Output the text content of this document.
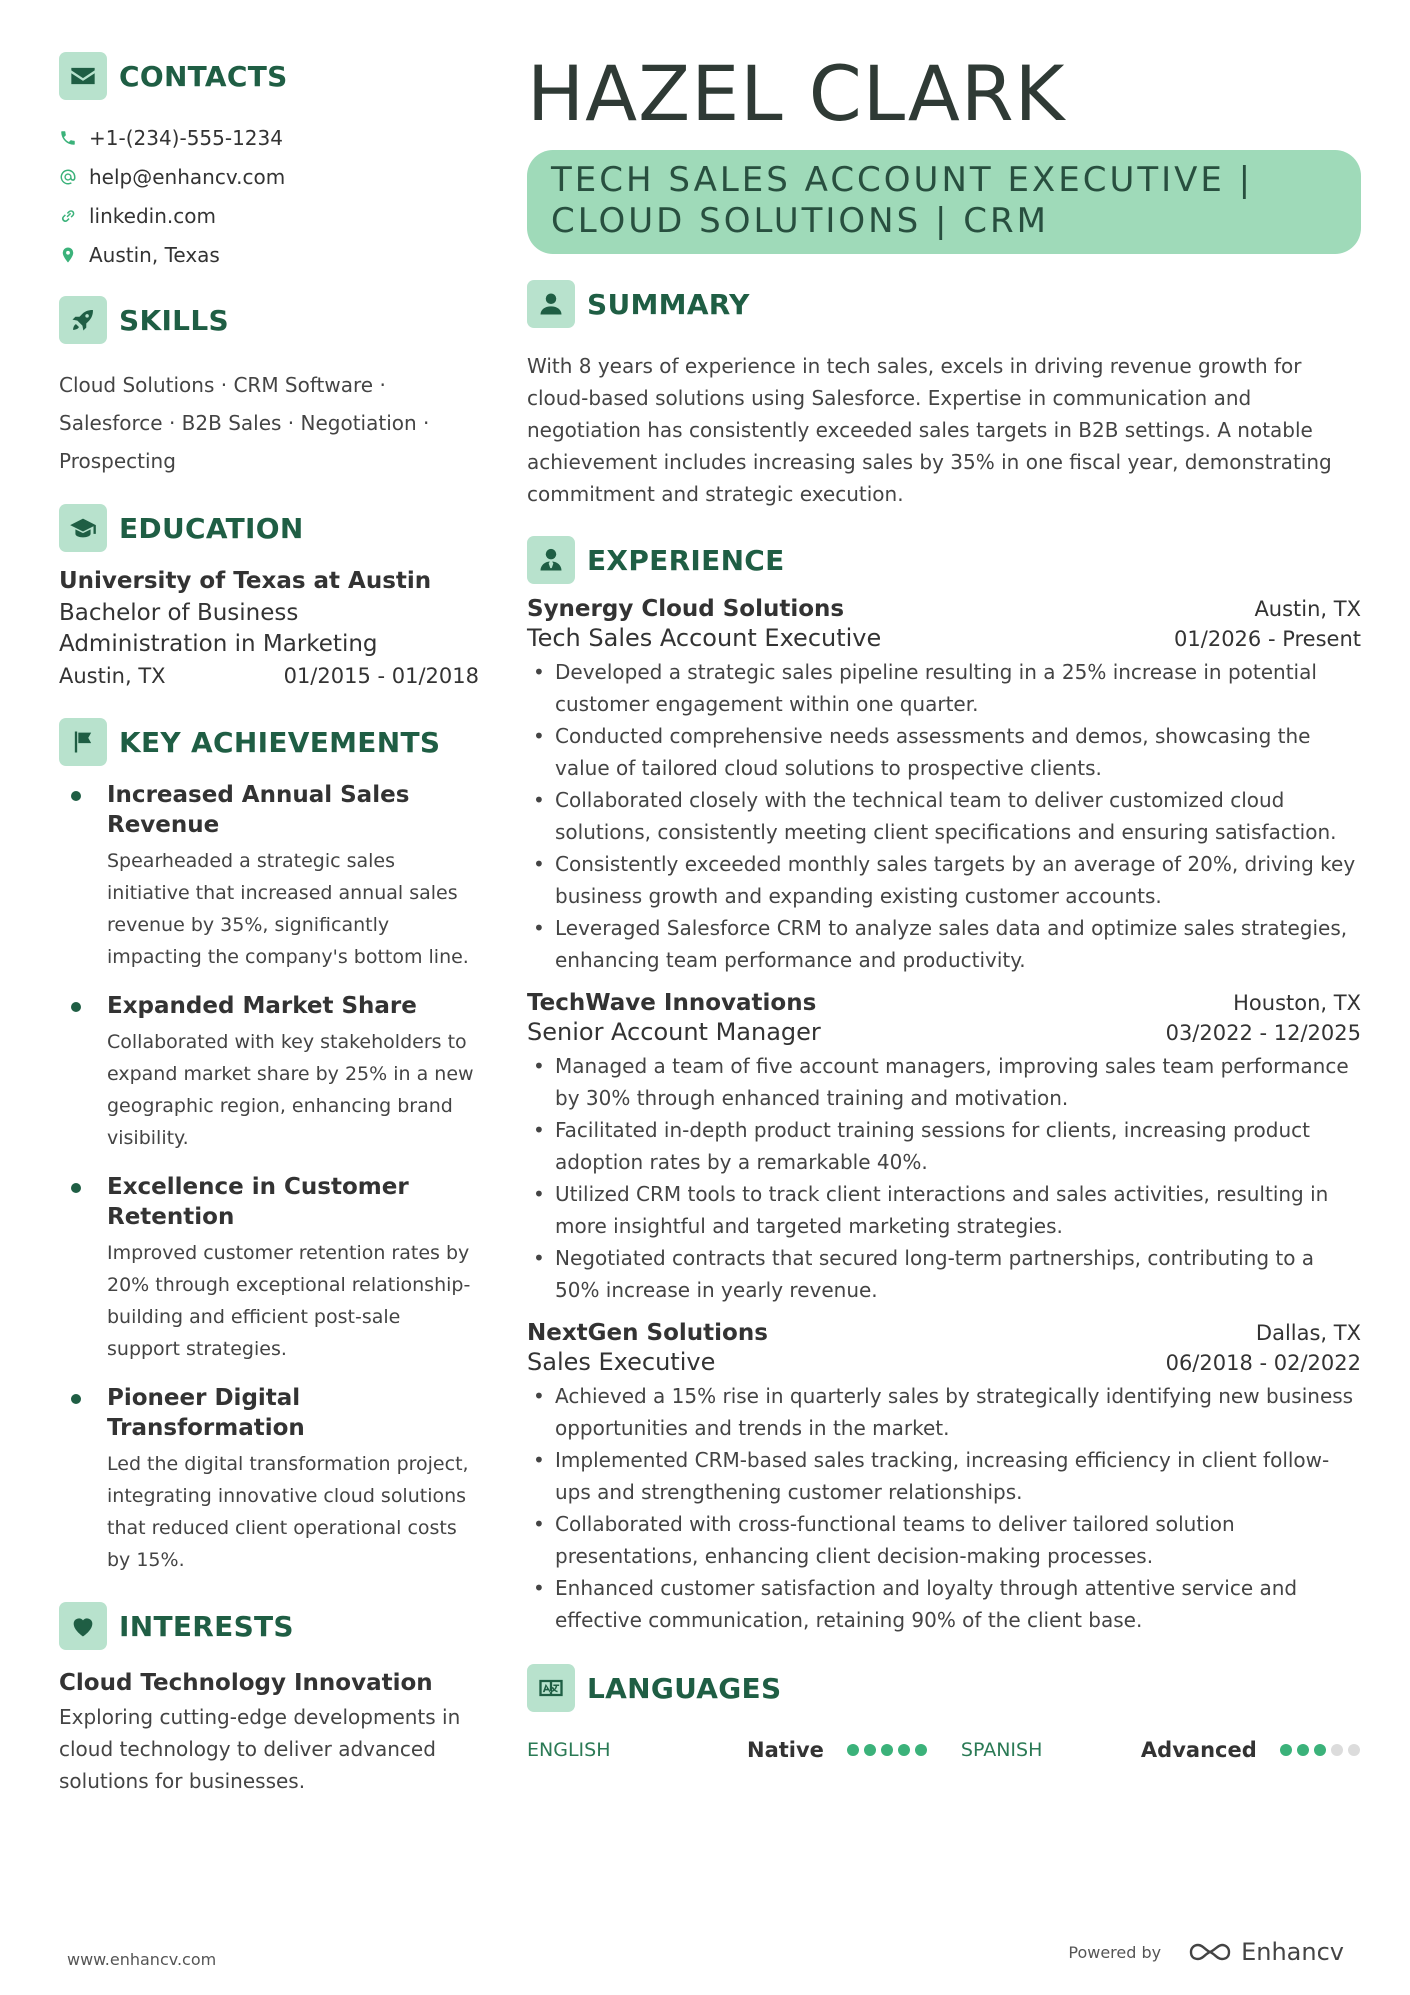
CONTACTS
+1-(234)-555-1234
help@enhancv.com
linkedin.com
Austin, Texas
SKILLS
Cloud Solutions · CRM Software ·
Salesforce · B2B Sales · Negotiation ·
Prospecting
EDUCATION
University of Texas at Austin
Bachelor of Business
Administration in Marketing
Austin, TX	01/2015 - 01/2018
KEY ACHIEVEMENTS
Increased Annual Sales Revenue
Spearheaded a strategic sales initiative that increased annual sales revenue by 35%, significantly impacting the company's bottom line.
Expanded Market Share
Collaborated with key stakeholders to expand market share by 25% in a new geographic region, enhancing brand visibility.
Excellence in Customer Retention
Improved customer retention rates by 20% through exceptional relationship-building and efficient post-sale support strategies.
Pioneer Digital Transformation
Led the digital transformation project, integrating innovative cloud solutions that reduced client operational costs by 15%.
INTERESTS
Cloud Technology Innovation
Exploring cutting-edge developments in cloud technology to deliver advanced solutions for businesses.
HAZEL CLARK
TECH SALES ACCOUNT EXECUTIVE |
CLOUD SOLUTIONS | CRM
SUMMARY
With 8 years of experience in tech sales, excels in driving revenue growth for cloud-based solutions using Salesforce. Expertise in communication and negotiation has consistently exceeded sales targets in B2B settings. A notable achievement includes increasing sales by 35% in one fiscal year, demonstrating commitment and strategic execution.
EXPERIENCE
Synergy Cloud Solutions	Austin, TX
Tech Sales Account Executive	01/2026 - Present
• Developed a strategic sales pipeline resulting in a 25% increase in potential customer engagement within one quarter.
• Conducted comprehensive needs assessments and demos, showcasing the value of tailored cloud solutions to prospective clients.
• Collaborated closely with the technical team to deliver customized cloud solutions, consistently meeting client specifications and ensuring satisfaction.
• Consistently exceeded monthly sales targets by an average of 20%, driving key business growth and expanding existing customer accounts.
• Leveraged Salesforce CRM to analyze sales data and optimize sales strategies, enhancing team performance and productivity.
TechWave Innovations	Houston, TX
Senior Account Manager	03/2022 - 12/2025
• Managed a team of five account managers, improving sales team performance by 30% through enhanced training and motivation.
• Facilitated in-depth product training sessions for clients, increasing product adoption rates by a remarkable 40%.
• Utilized CRM tools to track client interactions and sales activities, resulting in more insightful and targeted marketing strategies.
• Negotiated contracts that secured long-term partnerships, contributing to a 50% increase in yearly revenue.
NextGen Solutions	Dallas, TX
Sales Executive	06/2018 - 02/2022
• Achieved a 15% rise in quarterly sales by strategically identifying new business opportunities and trends in the market.
• Implemented CRM-based sales tracking, increasing efficiency in client follow-ups and strengthening customer relationships.
• Collaborated with cross-functional teams to deliver tailored solution presentations, enhancing client decision-making processes.
• Enhanced customer satisfaction and loyalty through attentive service and effective communication, retaining 90% of the client base.
LANGUAGES
ENGLISH	Native	SPANISH	Advanced
www.enhancv.com	Powered by	Enhancv
